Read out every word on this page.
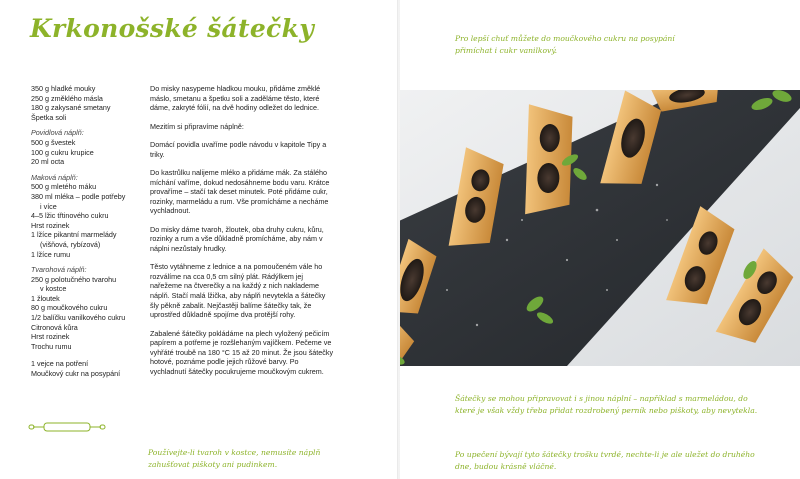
Krkonošské šátečky
350 g hladké mouky
250 g změklého másla
180 g zakysané smetany
Špetka soli
Povidlová náplň:
500 g švestek
100 g cukru krupice
20 ml octa
Maková náplň:
500 g mletého máku
380 ml mléka – podle potřeby
i více
4–5 lžic třtinového cukru
Hrst rozinek
1 lžíce pikantní marmelády
(višňová, rybízová)
1 lžíce rumu
Tvarohová náplň:
250 g polotučného tvarohu
v kostce
1 žloutek
80 g moučkového cukru
1/2 balíčku vanilkového cukru
Citronová kůra
Hrst rozinek
Trochu rumu
1 vejce na potření
Moučkový cukr na posypání

Do misky nasypeme hladkou mouku, přidáme změklé máslo, smetanu a špetku soli a zaděláme těsto, které dáme, zakryté fólií, na dvě hodiny odležet do lednice.

Mezitím si připravíme náplně:

Domácí povidla uvaříme podle návodu v kapitole Tipy a triky.

Do kastrůlku nalijeme mléko a přidáme mák. Za stálého míchání vaříme, dokud nedosáhneme bodu varu. Krátce provaříme – stačí tak deset minutek. Poté přidáme cukr, rozinky, marmeládu a rum. Vše promícháme a necháme vychladnout.

Do misky dáme tvaroh, žloutek, oba druhy cukru, kůru, rozinky a rum a vše důkladně promícháme, aby nám v náplni nezůstaly hrudky.

Těsto vytáhneme z lednice a na pomoučeném vále ho rozválíme na cca 0,5 cm silný plát. Rádýlkem jej nařežeme na čtverečky a na každý z nich naklademe náplň. Stačí malá lžička, aby náplň nevytekla a šátečky šly pěkně zabalit. Nejčastěji balíme šátečky tak, že uprostřed důkladně spojíme dva protější rohy.

Zabalené šátečky pokládáme na plech vyložený pečicím papírem a potřeme je rozšlehaným vajíčkem. Pečeme ve vyhřáté troubě na 180 °C 15 až 20 minut. Že jsou šátečky hotové, poznáme podle jejich růžové barvy. Po vychladnutí šátečky pocukrujeme moučkovým cukrem.

Používejte-li tvaroh v kostce, nemusíte náplň zahušťovat piškoty ani pudinkem.
Pro lepší chuť můžete do moučkového cukru na posypání přimíchat i cukr vanilkový.
Šátečky se mohou připravovat i s jinou náplní – například s marmeládou, do které je však vždy třeba přidat rozdrobený perník nebo piškoty, aby nevytekla.
Po upečení bývají tyto šátečky trošku tvrdé, nechte-li je ale uležet do druhého dne, budou krásně vláčné.
